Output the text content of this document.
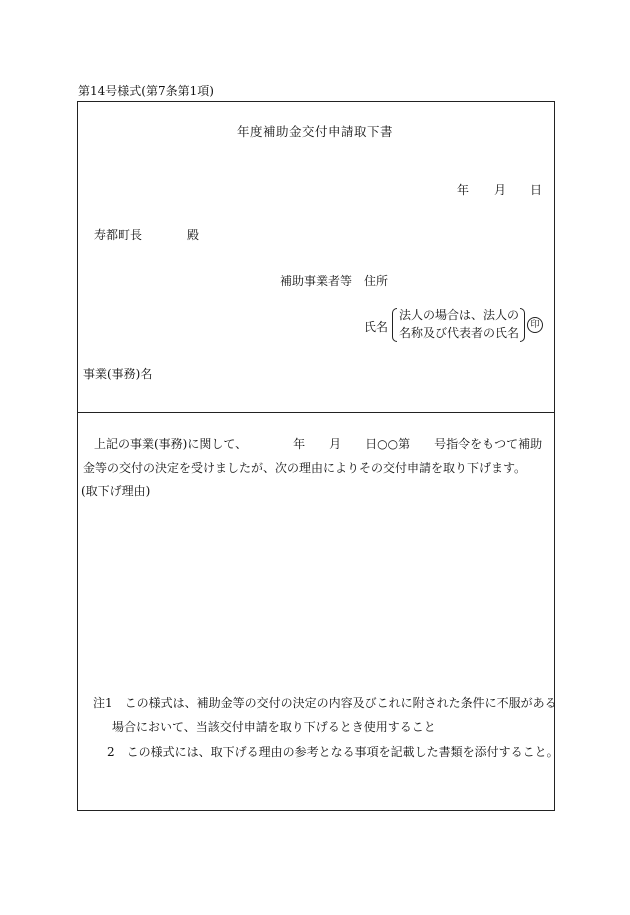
第14号様式(第7条第1項)
年度補助金交付申請取下書
年 月 日
寿都町長	殿
補助事業者等 住所
氏名
法人の場合は、法人の
名称及び代表者の氏名
印
事業(事務)名
上記の事業(事務)に関して、	年 月 日○○第 号指令をもつて補助
金等の交付の決定を受けましたが、次の理由によりその交付申請を取り下げます。
(取下げ理由)
注1 この様式は、補助金等の交付の決定の内容及びこれに附された条件に不服がある
場合において、当該交付申請を取り下げるとき使用すること
2 この様式には、取下げる理由の参考となる事項を記載した書類を添付すること。
